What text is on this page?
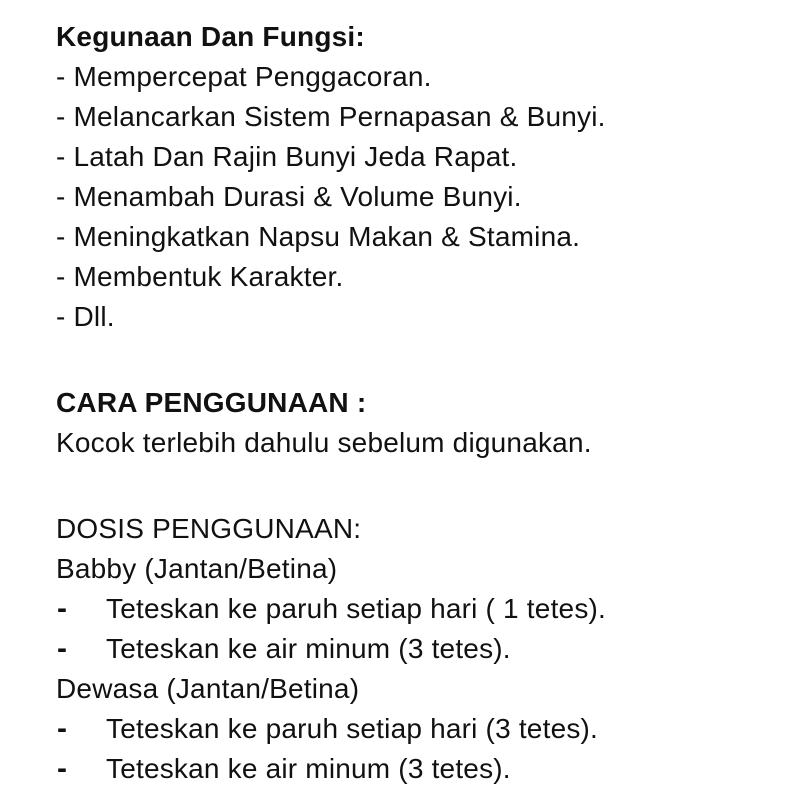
Kegunaan Dan Fungsi:
- Mempercepat Penggacoran.
- Melancarkan Sistem Pernapasan & Bunyi.
- Latah Dan Rajin Bunyi Jeda Rapat.
- Menambah Durasi & Volume Bunyi.
- Meningkatkan Napsu Makan & Stamina.
- Membentuk Karakter.
- Dll.
CARA PENGGUNAAN :
Kocok terlebih dahulu sebelum digunakan.
DOSIS PENGGUNAAN:
Babby (Jantan/Betina)
- Teteskan ke paruh setiap hari ( 1 tetes).
- Teteskan ke air minum (3 tetes).
Dewasa (Jantan/Betina)
- Teteskan ke paruh setiap hari (3 tetes).
- Teteskan ke air minum (3 tetes).
